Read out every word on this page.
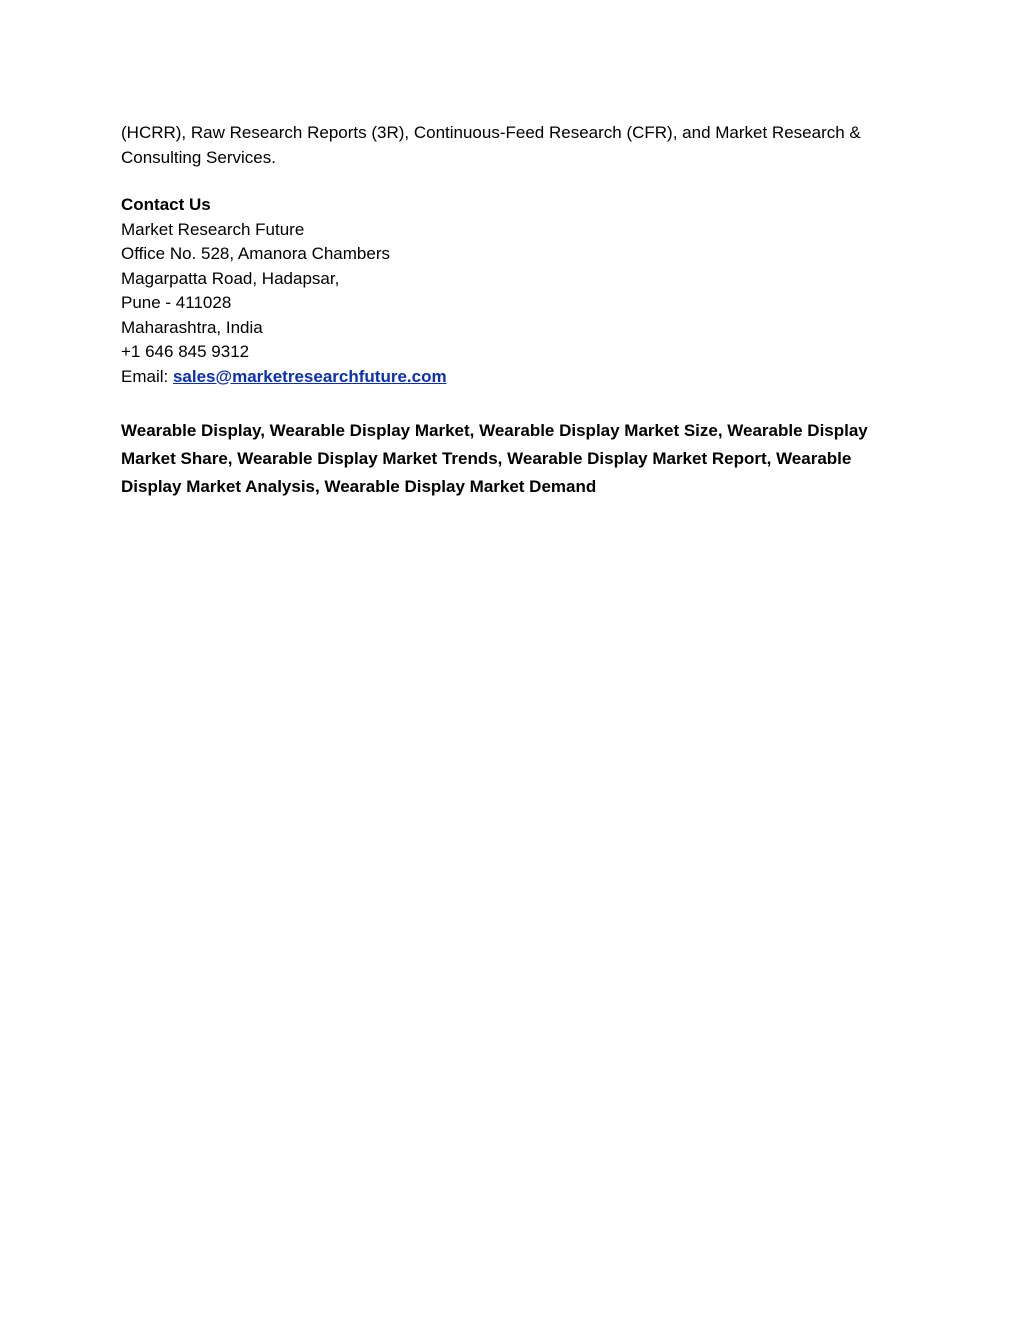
(HCRR), Raw Research Reports (3R), Continuous-Feed Research (CFR), and Market Research & Consulting Services.

Contact Us
Market Research Future
Office No. 528, Amanora Chambers
Magarpatta Road, Hadapsar,
Pune - 411028
Maharashtra, India
+1 646 845 9312
Email: sales@marketresearchfuture.com

Wearable Display, Wearable Display Market, Wearable Display Market Size, Wearable Display Market Share, Wearable Display Market Trends, Wearable Display Market Report, Wearable Display Market Analysis, Wearable Display Market Demand
